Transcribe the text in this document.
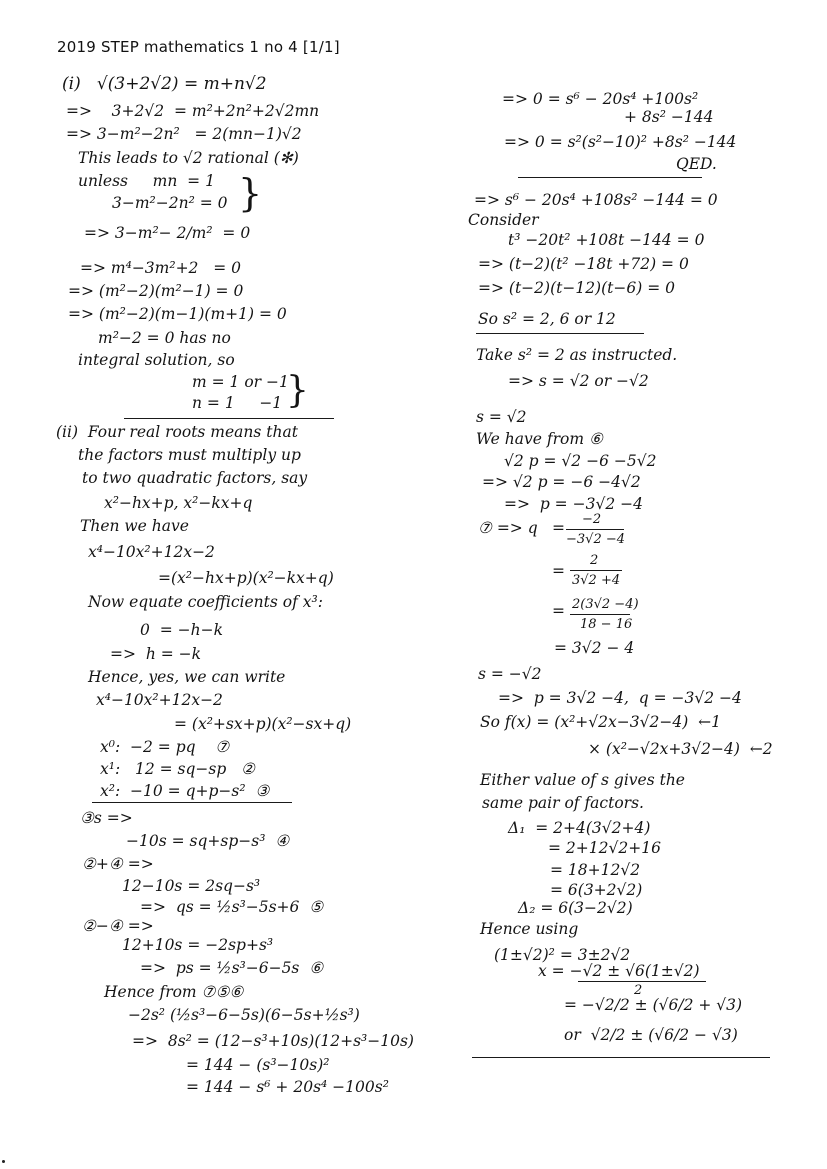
2019 STEP mathematics 1 no 4 [1/1]
(i)   √(3+2√2) = m+n√2
=>    3+2√2  = m²+2n²+2√2mn
=> 3−m²−2n²   = 2(mn−1)√2
This leads to √2 rational (✻)
unless     mn  = 1
3−m²−2n² = 0 }
=> 3−m²− 2/m²  = 0
=> m⁴−3m²+2   = 0
=> (m²−2)(m²−1) = 0
=> (m²−2)(m−1)(m+1) = 0
m²−2 = 0 has no
integral solution, so
m = 1 or −1
n = 1     −1 }
(ii)  Four real roots means that
the factors must multiply up
to two quadratic factors, say
x²−hx+p, x²−kx+q
Then we have
x⁴−10x²+12x−2
=(x²−hx+p)(x²−kx+q)
Now equate coefficients of x³:
0  = −h−k
=>  h = −k
Hence, yes, we can write
x⁴−10x²+12x−2
= (x²+sx+p)(x²−sx+q)
x⁰:  −2 = pq    ⑦
x¹:   12 = sq−sp   ②
x²:  −10 = q+p−s²  ③
③s =>
−10s = sq+sp−s³  ④
②+④ =>
12−10s = 2sq−s³
=>  qs = ½s³−5s+6  ⑤
②−④ =>
12+10s = −2sp+s³
=>  ps = ½s³−6−5s  ⑥
Hence from ⑦⑤⑥
−2s² (½s³−6−5s)(6−5s+½s³)
=>  8s² = (12−s³+10s)(12+s³−10s)
= 144 − (s³−10s)²
= 144 − s⁶ + 20s⁴ −100s²
=> 0 = s⁶ − 20s⁴ +100s²
+ 8s² −144
=> 0 = s²(s²−10)² +8s² −144
QED.
=> s⁶ − 20s⁴ +108s² −144 = 0
Consider
t³ −20t² +108t −144 = 0
=> (t−2)(t² −18t +72) = 0
=> (t−2)(t−12)(t−6) = 0
So s² = 2, 6 or 12
Take s² = 2 as instructed.
=> s = √2 or −√2
s = √2
We have from ⑥
√2 p = √2 −6 −5√2
=> √2 p = −6 −4√2
=>  p = −3√2 −4
⑦ => q = −2
−3√2 −4
=
2
3√2 +4
= 2(3√2 −4)
18 − 16
= 3√2 − 4
s = −√2
=>  p = 3√2 −4,  q = −3√2 −4
So f(x) = (x²+√2x−3√2−4)  ←1
× (x²−√2x+3√2−4)  ←2
Either value of s gives the
same pair of factors.
Δ₁  = 2+4(3√2+4)
= 2+12√2+16
= 18+12√2
= 6(3+2√2)
Δ₂ = 6(3−2√2)
Hence using
(1±√2)² = 3±2√2
x = −√2 ± √6(1±√2)
2
= −√2/2 ± (√6/2 + √3)
or  √2/2 ± (√6/2 − √3)
